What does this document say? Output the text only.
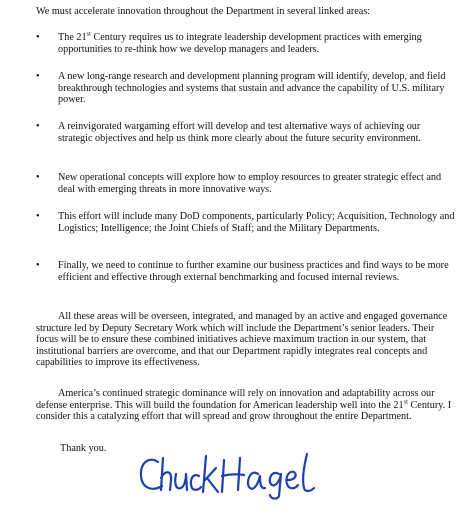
We must accelerate innovation throughout the Department in several linked areas:

• The 21st Century requires us to integrate leadership development practices with emerging opportunities to re-think how we develop managers and leaders.
• A new long-range research and development planning program will identify, develop, and field breakthrough technologies and systems that sustain and advance the capability of U.S. military power.
• A reinvigorated wargaming effort will develop and test alternative ways of achieving our strategic objectives and help us think more clearly about the future security environment.
• New operational concepts will explore how to employ resources to greater strategic effect and deal with emerging threats in more innovative ways.
• This effort will include many DoD components, particularly Policy; Acquisition, Technology and Logistics; Intelligence; the Joint Chiefs of Staff; and the Military Departments.
• Finally, we need to continue to further examine our business practices and find ways to be more efficient and effective through external benchmarking and focused internal reviews.

All these areas will be overseen, integrated, and managed by an active and engaged governance structure led by Deputy Secretary Work which will include the Department’s senior leaders. Their focus will be to ensure these combined initiatives achieve maximum traction in our system, that institutional barriers are overcome, and that our Department rapidly integrates real concepts and capabilities to improve its effectiveness.

America’s continued strategic dominance will rely on innovation and adaptability across our defense enterprise. This will build the foundation for American leadership well into the 21st Century. I consider this a catalyzing effort that will spread and grow throughout the entire Department.

Thank you.
